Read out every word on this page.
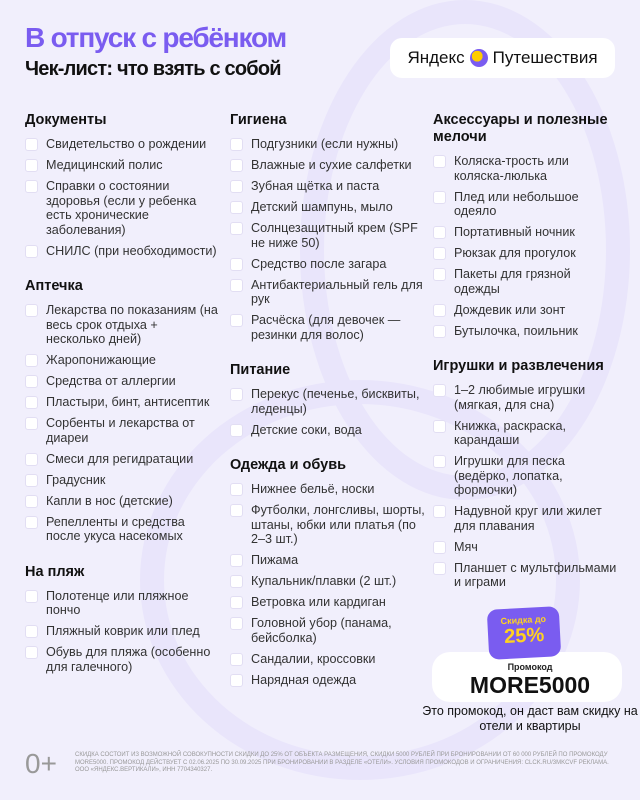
В отпуск с ребёнком
Чек-лист: что взять с собой
Яндекс Путешествия
Документы
Свидетельство о рождении
Медицинский полис
Справки о состоянии здоровья (если у ребенка есть хронические заболевания)
СНИЛС (при необходимости)
Аптечка
Лекарства по показаниям (на весь срок отдыха + несколько дней)
Жаропонижающие
Средства от аллергии
Пластыри, бинт, антисептик
Сорбенты и лекарства от диареи
Смеси для регидратации
Градусник
Капли в нос (детские)
Репелленты и средства после укуса насекомых
На пляж
Полотенце или пляжное пончо
Пляжный коврик или плед
Обувь для пляжа (особенно для галечного)
Гигиена
Подгузники (если нужны)
Влажные и сухие салфетки
Зубная щётка и паста
Детский шампунь, мыло
Солнцезащитный крем (SPF не ниже 50)
Средство после загара
Антибактериальный гель для рук
Расчёска (для девочек — резинки для волос)
Питание
Перекус (печенье, бисквиты, леденцы)
Детские соки, вода
Одежда и обувь
Нижнее бельё, носки
Футболки, лонгсливы, шорты, штаны, юбки или платья (по 2–3 шт.)
Пижама
Купальник/плавки (2 шт.)
Ветровка или кардиган
Головной убор (панама, бейсболка)
Сандалии, кроссовки
Нарядная одежда
Аксессуары и полезные мелочи
Коляска-трость или коляска-люлька
Плед или небольшое одеяло
Портативный ночник
Рюкзак для прогулок
Пакеты для грязной одежды
Дождевик или зонт
Бутылочка, поильник
Игрушки и развлечения
1–2 любимые игрушки (мягкая, для сна)
Книжка, раскраска, карандаши
Игрушки для песка (ведёрко, лопатка, формочки)
Надувной круг или жилет для плавания
Мяч
Планшет с мультфильмами и играми
Скидка до
25%
Промокод
MORE5000
Это промокод, он даст вам скидку на отели и квартиры
0+	СКИДКА СОСТОИТ ИЗ ВОЗМОЖНОЙ СОВОКУПНОСТИ СКИДКИ ДО 25% ОТ ОБЪЕКТА РАЗМЕЩЕНИЯ, СКИДКИ 5000 РУБЛЕЙ ПРИ БРОНИРОВАНИИ ОТ 60 000 РУБЛЕЙ ПО ПРОМОКОДУ MORE5000. ПРОМОКОД ДЕЙСТВУЕТ С 02.06.2025 ПО 30.09.2025 ПРИ БРОНИРОВАНИИ В РАЗДЕЛЕ «ОТЕЛИ». УСЛОВИЯ ПРОМОКОДОВ И ОГРАНИЧЕНИЯ: CLCK.RU/3MKCVF РЕКЛАМА. ООО «ЯНДЕКС.ВЕРТИКАЛИ», ИНН 7704340327.
